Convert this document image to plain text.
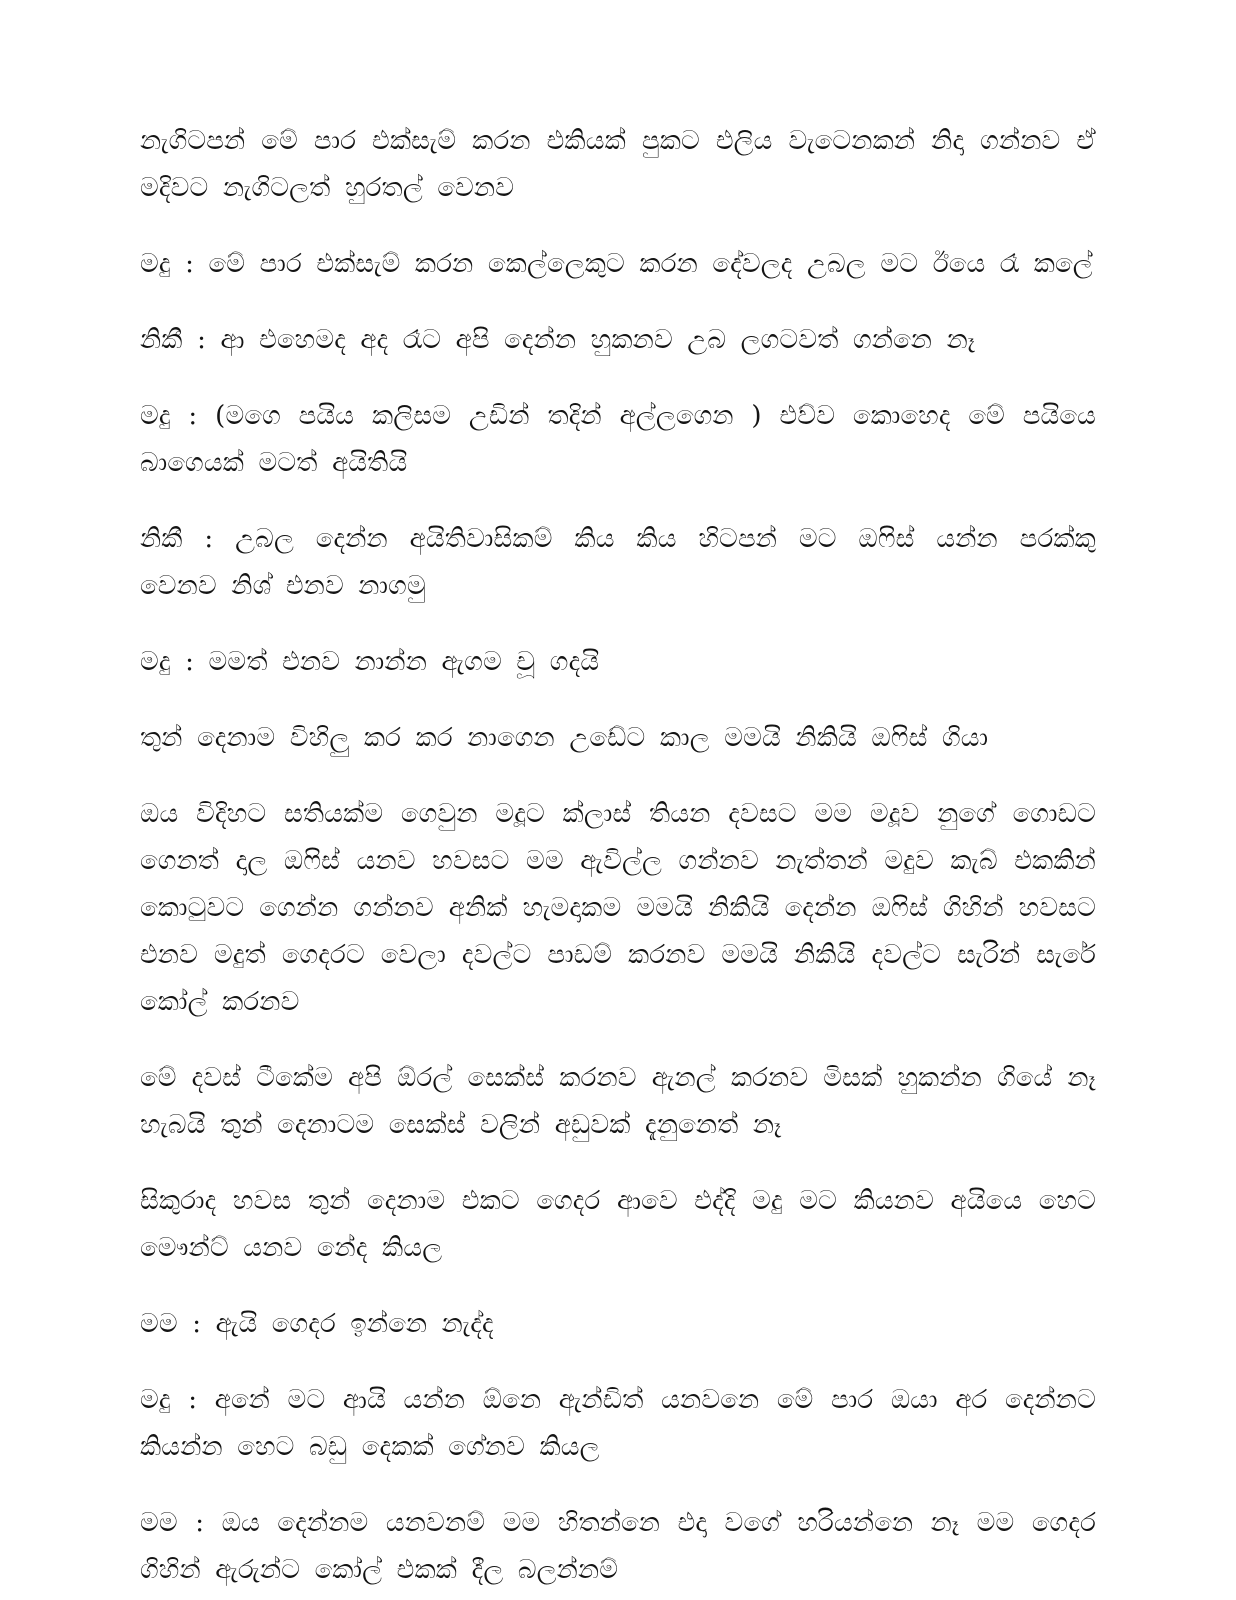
නැගිටපන් මේ පාර එක්සැම් කරන එකියක් පුකට එලිය වැටෙනකන් නිදා ගන්නව ඒ මදිවට නැගිටලත් හුරතල් වෙනව

මදු : මේ පාර එක්සැම් කරන කෙල්ලෙකුට කරන දේවලද උබල මට ඊයෙ රෑ කලේ

නිකී : ආ එහෙමද අද රෑට අපි දෙන්න හුකනව උබ ලගටවත් ගන්නෙ නෑ

මදු : (මගෙ පයිය කලිසම උඩින් තදින් අල්ලගෙන ) එව්ව කොහෙද මේ පයියෙ බාගෙයක් මටත් අයිතියි

නිකී : උබල දෙන්න අයිතිවාසිකම් කිය කිය හිටපන් මට ඔෆිස් යන්න පරක්කු වෙනව නිශ් එනව නාගමු

මදු : මමත් එනව නාන්න ඇගම චූ ගදයි

තුන් දෙනාම විහිලු කර කර නාගෙන උඩේට කාල මමයි නිකියි ඔෆිස් ගියා

ඔය විදිහට සතියක්ම ගෙවුන මදූට ක්ලාස් තියන දවසට මම මදූව නුගේ ගොඩට ගෙනත් දාල ඔෆිස් යනව හවසට මම ඇවිල්ල ගන්නව නැත්තන් මදුව කැබ් එකකින් කොටුවට ගෙන්න ගන්නව අනික් හැමදාකම මමයි නිකියි දෙන්න ඔෆිස් ගිහින් හවසට එනව මදුත් ගෙදරට වෙලා දවල්ට පාඩම් කරනව මමයි නිකියි දවල්ට සැරින් සැරේ කෝල් කරනව

මේ දවස් ටීකේම අපි ඕරල් සෙක්ස් කරනව ඇනල් කරනව මිසක් හුකන්න ගියේ නෑ හැබයි තුන් දෙනාටම සෙක්ස් වලින් අඩුවක් දැනුනෙත් නෑ

සිකුරාද හවස තුන් දෙනාම එකට ගෙදර ආවෙ එද්දි මදු මට කියනව අයියෙ හෙට මෞන්ට් යනව නේද කියල

මම : ඇයි ගෙදර ඉන්නෙ නැද්ද

මදු : අනේ මට ආයි යන්න ඕනෙ ඇන්ඩිත් යනවනෙ මේ පාර ඔයා අර දෙන්නට කියන්න හෙට බඩු දෙකක් ගේනව කියල

මම : ඔය දෙන්නම යනවනම් මම හිතන්නෙ එදා වගේ හරියන්නෙ නෑ මම ගෙදර ගිහින් ඇරුන්ට කෝල් එකක් දීල බලන්නම්
